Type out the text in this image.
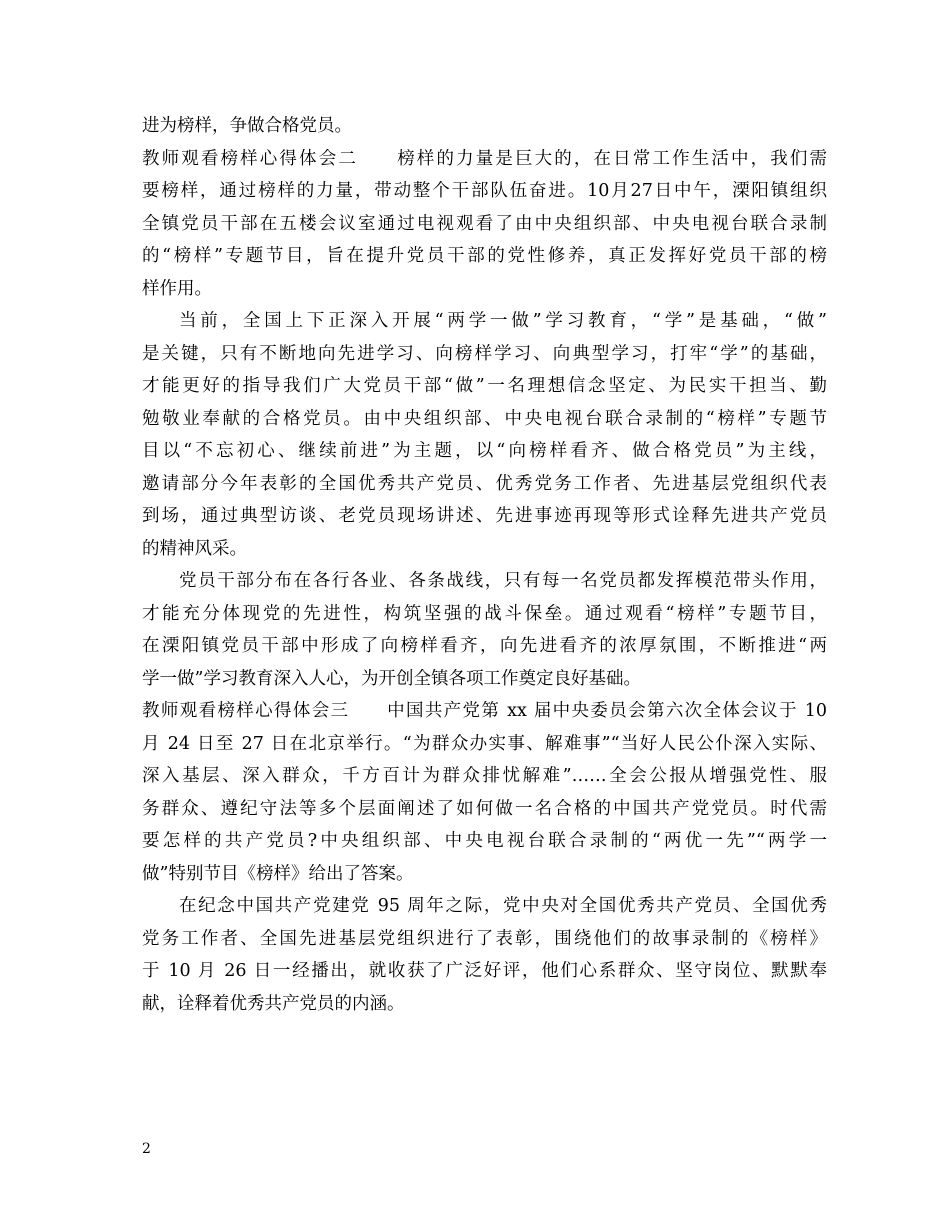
进为榜样，争做合格党员。
教师观看榜样心得体会二　　榜样的力量是巨大的，在日常工作生活中，我们需
要榜样，通过榜样的力量，带动整个干部队伍奋进。10月27日中午，溧阳镇组织
全镇党员干部在五楼会议室通过电视观看了由中央组织部、中央电视台联合录制
的“榜样”专题节目，旨在提升党员干部的党性修养，真正发挥好党员干部的榜
样作用。
当前，全国上下正深入开展“两学一做”学习教育，“学”是基础，“做”
是关键，只有不断地向先进学习、向榜样学习、向典型学习，打牢“学”的基础，
才能更好的指导我们广大党员干部“做”一名理想信念坚定、为民实干担当、勤
勉敬业奉献的合格党员。由中央组织部、中央电视台联合录制的“榜样”专题节
目以“不忘初心、继续前进”为主题，以“向榜样看齐、做合格党员”为主线，
邀请部分今年表彰的全国优秀共产党员、优秀党务工作者、先进基层党组织代表
到场，通过典型访谈、老党员现场讲述、先进事迹再现等形式诠释先进共产党员
的精神风采。
党员干部分布在各行各业、各条战线，只有每一名党员都发挥模范带头作用，
才能充分体现党的先进性，构筑坚强的战斗保垒。通过观看“榜样”专题节目，
在溧阳镇党员干部中形成了向榜样看齐，向先进看齐的浓厚氛围，不断推进“两
学一做”学习教育深入人心，为开创全镇各项工作奠定良好基础。
教师观看榜样心得体会三　　中国共产党第 xx 届中央委员会第六次全体会议于 10
月 24 日至 27 日在北京举行。“为群众办实事、解难事”“当好人民公仆深入实际、
深入基层、深入群众，千方百计为群众排忧解难”……全会公报从增强党性、服
务群众、遵纪守法等多个层面阐述了如何做一名合格的中国共产党党员。时代需
要怎样的共产党员?中央组织部、中央电视台联合录制的“两优一先”“两学一
做”特别节目《榜样》给出了答案。
在纪念中国共产党建党 95 周年之际，党中央对全国优秀共产党员、全国优秀
党务工作者、全国先进基层党组织进行了表彰，围绕他们的故事录制的《榜样》
于 10 月 26 日一经播出，就收获了广泛好评，他们心系群众、坚守岗位、默默奉
献，诠释着优秀共产党员的内涵。
2
